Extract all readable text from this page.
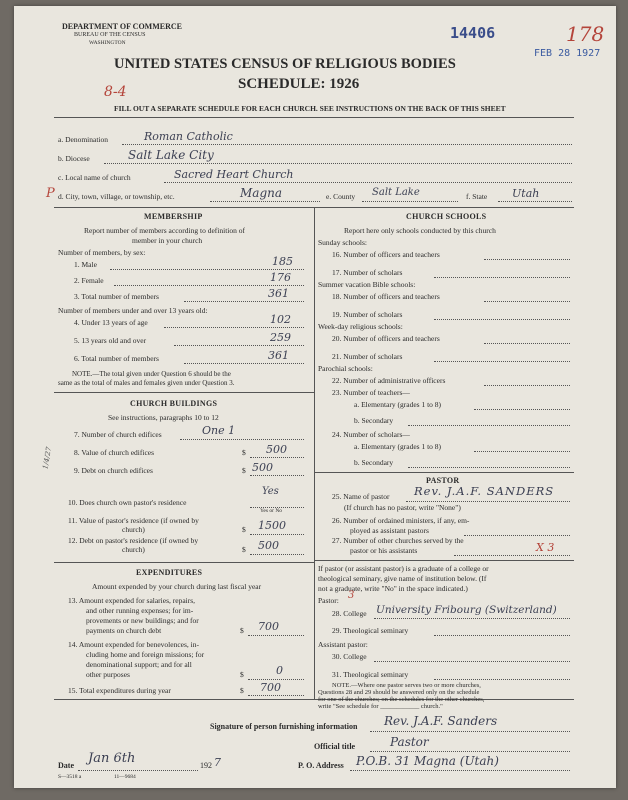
DEPARTMENT OF COMMERCE
BUREAU OF THE CENSUS
WASHINGTON
14406
FEB 28 1927
178
UNITED STATES CENSUS OF RELIGIOUS BODIES
SCHEDULE: 1926
8-4
FILL OUT A SEPARATE SCHEDULE FOR EACH CHURCH. SEE INSTRUCTIONS ON THE BACK OF THIS SHEET
a. Denomination	Roman Catholic
b. Diocese	Salt Lake City
c. Local name of church	Sacred Heart Church
P d. City, town, village, or township, etc.	Magna	e. County Salt Lake	f. State Utah
MEMBERSHIP
Report number of members according to definition of
member in your church
Number of members, by sex:
1. Male	185
2. Female	176
3. Total number of members	361
Number of members under and over 13 years old:
4. Under 13 years of age	102
5. 13 years old and over	259
6. Total number of members	361
NOTE.—The total given under Question 6 should be the
same as the total of males and females given under Question 3.
CHURCH BUILDINGS
See instructions, paragraphs 10 to 12
1/4/27
7. Number of church edifices	One 1
8. Value of church edifices	$ 500
9. Debt on church edifices	$ 500
10. Does church own pastor's residence
Yes
Yes or No
11. Value of pastor's residence (if owned by
church)	$ 1500
12. Debt on pastor's residence (if owned by
church)	$ 500
EXPENDITURES
Amount expended by your church during last fiscal year
13. Amount expended for salaries, repairs,
and other running expenses; for im-
provements or new buildings; and for
payments on church debt	$ 700
14. Amount expended for benevolences, in-
cluding home and foreign missions; for
denominational support; and for all
other purposes	$	0
15. Total expenditures during year	$ 700
CHURCH SCHOOLS
Report here only schools conducted by this church
Sunday schools:
16. Number of officers and teachers
17. Number of scholars
Summer vacation Bible schools:
18. Number of officers and teachers
19. Number of scholars
Week-day religious schools:
20. Number of officers and teachers
21. Number of scholars
Parochial schools:
22. Number of administrative officers
23. Number of teachers—
a. Elementary (grades 1 to 8)
b. Secondary
24. Number of scholars—
a. Elementary (grades 1 to 8)
b. Secondary
PASTOR
25. Name of pastor Rev. J.A.F. SANDERS
(If church has no pastor, write "None")
26. Number of ordained ministers, if any, em-
ployed as assistant pastors
27. Number of other churches served by the
pastor or his assistants	X 3
If pastor (or assistant pastor) is a graduate of a college or
theological seminary, give name of institution below. (If
not a graduate, write "No" in the space indicated.)
Pastor: 3
28. College University Fribourg (Switzerland)
29. Theological seminary
Assistant pastor:
30. College
31. Theological seminary
NOTE.—Where one pastor serves two or more churches,
Questions 28 and 29 should be answered only on the schedule
for one of the churches; on the schedules for the other churches,
write "See schedule for ____________ church."
Signature of person furnishing information Rev. J.A.F. Sanders
Official title	Pastor
Date Jan 6th	192 7
S—3518 a	11—9684
P. O. Address P.O.B. 31 Magna (Utah)
